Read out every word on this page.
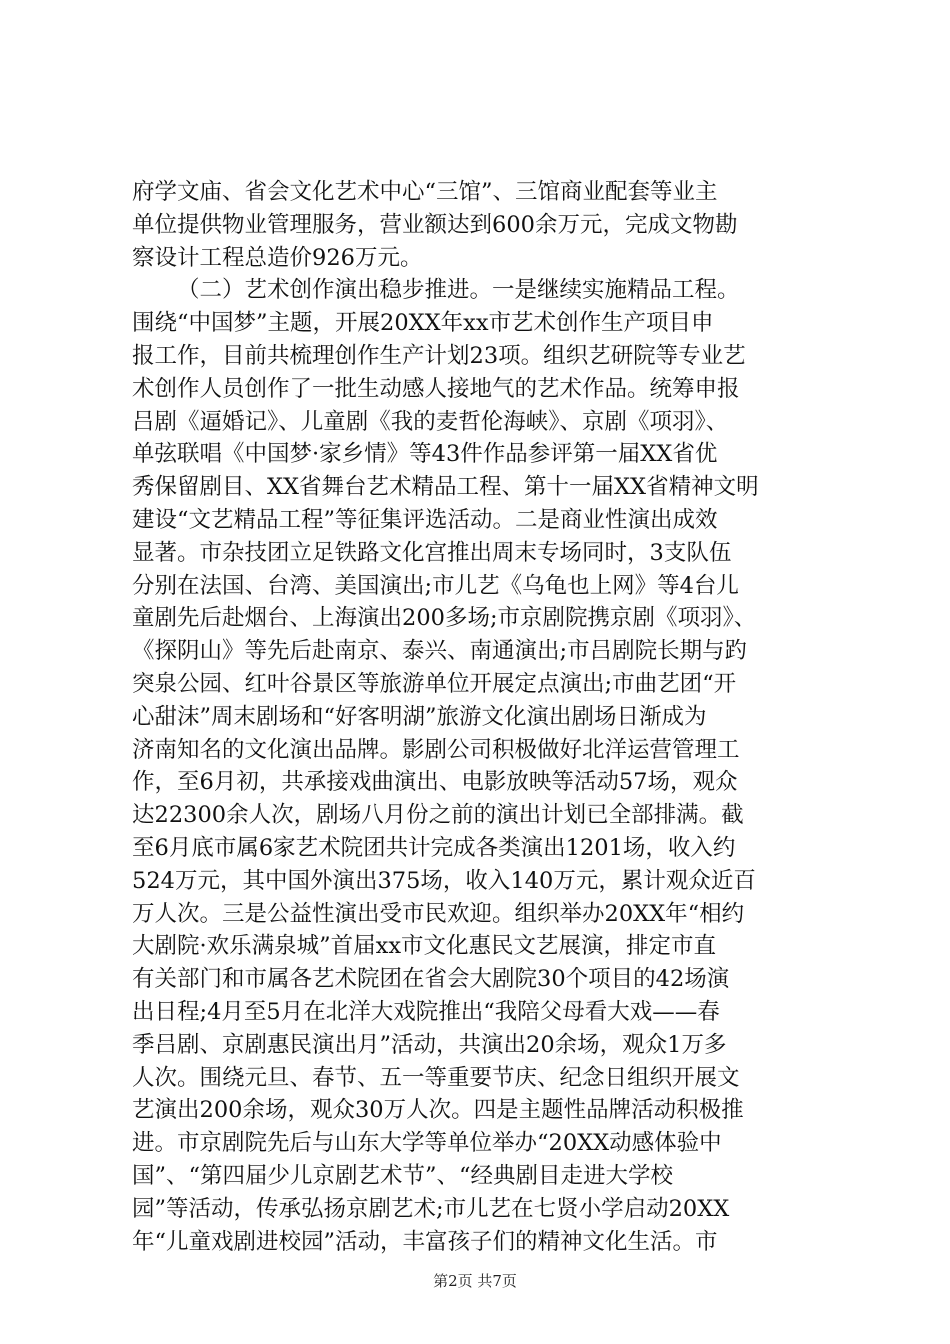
府学文庙、省会文化艺术中心“三馆”、三馆商业配套等业主
单位提供物业管理服务，营业额达到600余万元，完成文物勘
察设计工程总造价926万元。
（二）艺术创作演出稳步推进。一是继续实施精品工程。
围绕“中国梦”主题，开展20XX年xx市艺术创作生产项目申
报工作，目前共梳理创作生产计划23项。组织艺研院等专业艺
术创作人员创作了一批生动感人接地气的艺术作品。统筹申报
吕剧《逼婚记》、儿童剧《我的麦哲伦海峡》、京剧《项羽》、
单弦联唱《中国梦·家乡情》等43件作品参评第一届XX省优
秀保留剧目、XX省舞台艺术精品工程、第十一届XX省精神文明
建设“文艺精品工程”等征集评选活动。二是商业性演出成效
显著。市杂技团立足铁路文化宫推出周末专场同时，3支队伍
分别在法国、台湾、美国演出;市儿艺《乌龟也上网》等4台儿
童剧先后赴烟台、上海演出200多场;市京剧院携京剧《项羽》、
《探阴山》等先后赴南京、泰兴、南通演出;市吕剧院长期与趵
突泉公园、红叶谷景区等旅游单位开展定点演出;市曲艺团“开
心甜沫”周末剧场和“好客明湖”旅游文化演出剧场日渐成为
济南知名的文化演出品牌。影剧公司积极做好北洋运营管理工
作，至6月初，共承接戏曲演出、电影放映等活动57场，观众
达22300余人次，剧场八月份之前的演出计划已全部排满。截
至6月底市属6家艺术院团共计完成各类演出1201场，收入约
524万元，其中国外演出375场，收入140万元，累计观众近百
万人次。三是公益性演出受市民欢迎。组织举办20XX年“相约
大剧院·欢乐满泉城”首届xx市文化惠民文艺展演，排定市直
有关部门和市属各艺术院团在省会大剧院30个项目的42场演
出日程;4月至5月在北洋大戏院推出“我陪父母看大戏——春
季吕剧、京剧惠民演出月”活动，共演出20余场，观众1万多
人次。围绕元旦、春节、五一等重要节庆、纪念日组织开展文
艺演出200余场，观众30万人次。四是主题性品牌活动积极推
进。市京剧院先后与山东大学等单位举办“20XX动感体验中
国”、“第四届少儿京剧艺术节”、“经典剧目走进大学校
园”等活动，传承弘扬京剧艺术;市儿艺在七贤小学启动20XX
年“儿童戏剧进校园”活动，丰富孩子们的精神文化生活。市
第2页 共7页
